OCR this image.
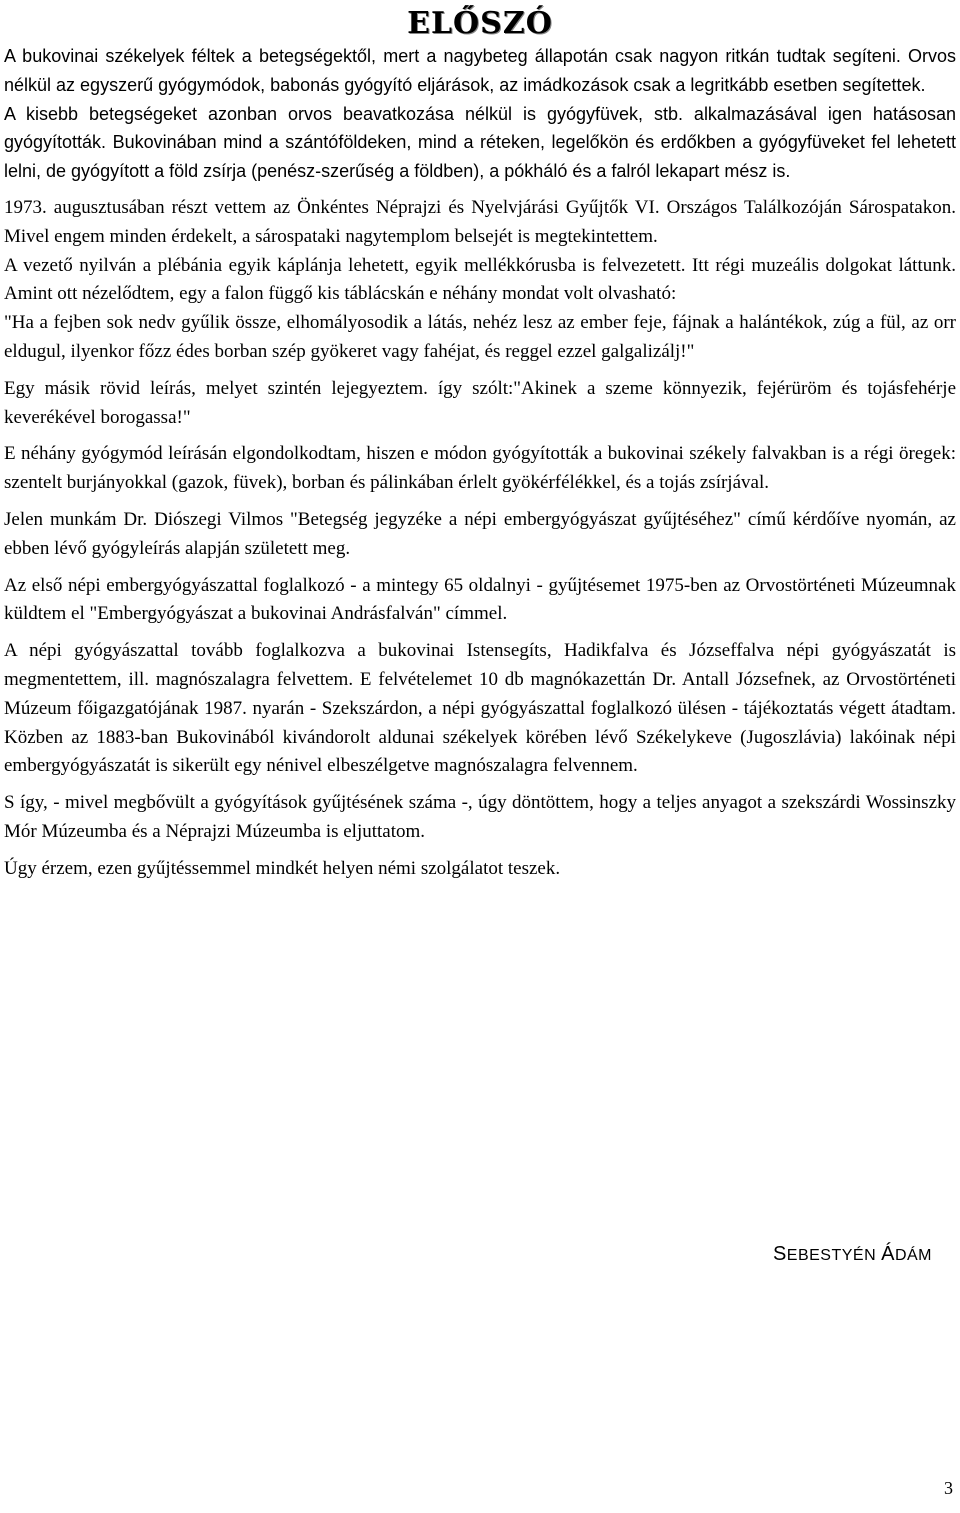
ELŐSZÓ

A bukovinai székelyek féltek a betegségektől, mert a nagybeteg állapotán csak nagyon ritkán tudtak segíteni. Orvos nélkül az egyszerű gyógymódok, babonás gyógyító eljárások, az imádkozások csak a legritkább esetben segítettek.

A kisebb betegségeket azonban orvos beavatkozása nélkül is gyógyfüvek, stb. alkalmazásával igen hatásosan gyógyították. Bukovinában mind a szántóföldeken, mind a réteken, legelőkön és erdőkben a gyógyfüveket fel lehetett lelni, de gyógyított a föld zsírja (penész-szerűség a földben), a pókháló és a falról lekapart mész is.

1973. augusztusában részt vettem az Önkéntes Néprajzi és Nyelvjárási Gyűjtők VI. Országos Találkozóján Sárospatakon. Mivel engem minden érdekelt, a sárospataki nagytemplom belsejét is megtekintettem.

A vezető nyilván a plébánia egyik káplánja lehetett, egyik mellékkórusba is felvezetett. Itt régi muzeális dolgokat láttunk. Amint ott nézelődtem, egy a falon függő kis táblácskán e néhány mondat volt olvasható:

"Ha a fejben sok nedv gyűlik össze, elhomályosodik a látás, nehéz lesz az ember feje, fájnak a halántékok, zúg a fül, az orr eldugul, ilyenkor főzz édes borban szép gyökeret vagy fahéjat, és reggel ezzel galgalizálj!"

Egy másik rövid leírás, melyet szintén lejegyeztem. így szólt:"Akinek a szeme könnyezik, fejérüröm és tojásfehérje keverékével borogassa!"

E néhány gyógymód leírásán elgondolkodtam, hiszen e módon gyógyították a bukovinai székely falvakban is a régi öregek: szentelt burjányokkal (gazok, füvek), borban és pálinkában érlelt gyökérfélékkel, és a tojás zsírjával.

Jelen munkám Dr. Diószegi Vilmos "Betegség jegyzéke a népi embergyógyászat gyűjtéséhez" című kérdőíve nyomán, az ebben lévő gyógyleírás alapján született meg.

Az első népi embergyógyászattal foglalkozó - a mintegy 65 oldalnyi - gyűjtésemet 1975-ben az Orvostörténeti Múzeumnak küldtem el "Embergyógyászat a bukovinai Andrásfalván" címmel.

A népi gyógyászattal tovább foglalkozva a bukovinai Istensegíts, Hadikfalva és Józseffalva népi gyógyászatát is megmentettem, ill. magnószalagra felvettem. E felvételemet 10 db magnókazettán Dr. Antall Józsefnek, az Orvostörténeti Múzeum főigazgatójának 1987. nyarán - Szekszárdon, a népi gyógyászattal foglalkozó ülésen - tájékoztatás végett átadtam. Közben az 1883-ban Bukovinából kivándorolt aldunai székelyek körében lévő Székelykeve (Jugoszlávia) lakóinak népi embergyógyászatát is sikerült egy nénivel elbeszélgetve magnószalagra felvennem.

S így, - mivel megbővült a gyógyítások gyűjtésének száma -, úgy döntöttem, hogy a teljes anyagot a szekszárdi Wossinszky Mór Múzeumba és a Néprajzi Múzeumba is eljuttatom.

Úgy érzem, ezen gyűjtéssemmel mindkét helyen némi szolgálatot teszek.

SEBESTYÉN ÁDÁM
3
